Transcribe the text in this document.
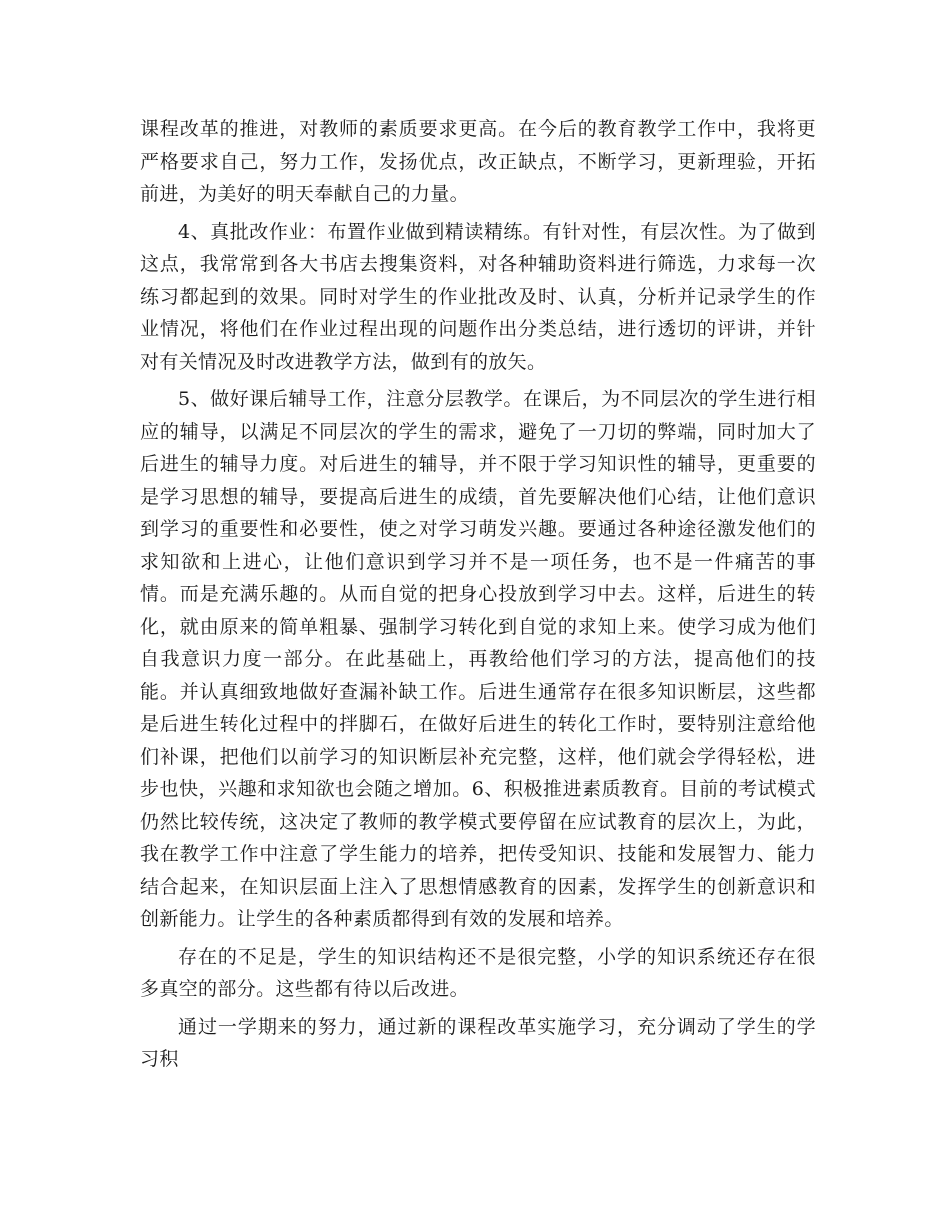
课程改革的推进，对教师的素质要求更高。在今后的教育教学工作中，我将更严格要求自己，努力工作，发扬优点，改正缺点，不断学习，更新理验，开拓前进，为美好的明天奉献自己的力量。

4、真批改作业：布置作业做到精读精练。有针对性，有层次性。为了做到这点，我常常到各大书店去搜集资料，对各种辅助资料进行筛选，力求每一次练习都起到的效果。同时对学生的作业批改及时、认真，分析并记录学生的作业情况，将他们在作业过程出现的问题作出分类总结，进行透切的评讲，并针对有关情况及时改进教学方法，做到有的放矢。

5、做好课后辅导工作，注意分层教学。在课后，为不同层次的学生进行相应的辅导，以满足不同层次的学生的需求，避免了一刀切的弊端，同时加大了后进生的辅导力度。对后进生的辅导，并不限于学习知识性的辅导，更重要的是学习思想的辅导，要提高后进生的成绩，首先要解决他们心结，让他们意识到学习的重要性和必要性，使之对学习萌发兴趣。要通过各种途径激发他们的求知欲和上进心，让他们意识到学习并不是一项任务，也不是一件痛苦的事情。而是充满乐趣的。从而自觉的把身心投放到学习中去。这样，后进生的转化，就由原来的简单粗暴、强制学习转化到自觉的求知上来。使学习成为他们自我意识力度一部分。在此基础上，再教给他们学习的方法，提高他们的技能。并认真细致地做好查漏补缺工作。后进生通常存在很多知识断层，这些都是后进生转化过程中的拌脚石，在做好后进生的转化工作时，要特别注意给他们补课，把他们以前学习的知识断层补充完整，这样，他们就会学得轻松，进步也快，兴趣和求知欲也会随之增加。6、积极推进素质教育。目前的考试模式仍然比较传统，这决定了教师的教学模式要停留在应试教育的层次上，为此，我在教学工作中注意了学生能力的培养，把传受知识、技能和发展智力、能力结合起来，在知识层面上注入了思想情感教育的因素，发挥学生的创新意识和创新能力。让学生的各种素质都得到有效的发展和培养。

存在的不足是，学生的知识结构还不是很完整，小学的知识系统还存在很多真空的部分。这些都有待以后改进。

通过一学期来的努力，通过新的课程改革实施学习，充分调动了学生的学习积
